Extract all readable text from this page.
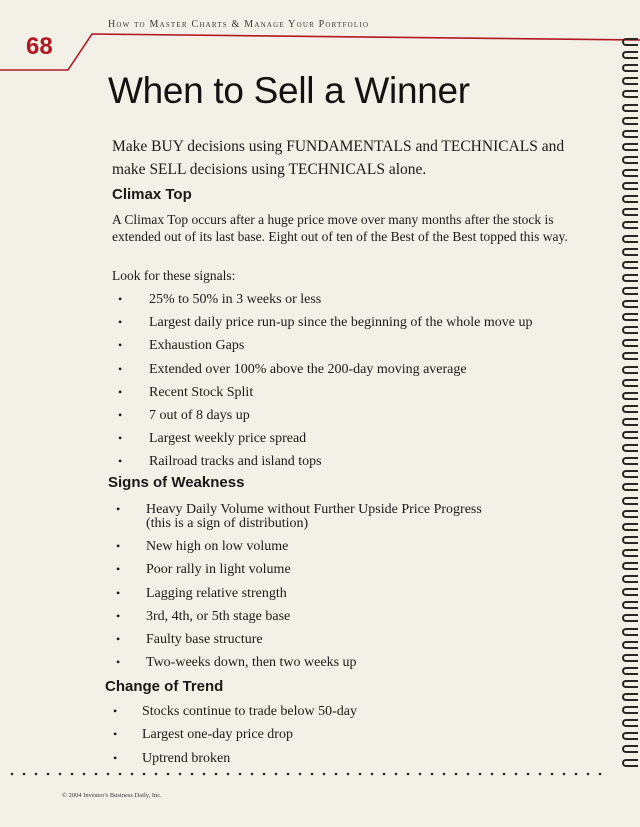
How to Master Charts & Manage Your Portfolio
68
When to Sell a Winner
Make BUY decisions using FUNDAMENTALS and TECHNICALS and make SELL decisions using TECHNICALS alone.
Climax Top
A Climax Top occurs after a huge price move over many months after the stock is extended out of its last base. Eight out of ten of the Best of the Best topped this way.
Look for these signals:
• 25% to 50% in 3 weeks or less
• Largest daily price run-up since the beginning of the whole move up
• Exhaustion Gaps
• Extended over 100% above the 200-day moving average
• Recent Stock Split
• 7 out of 8 days up
• Largest weekly price spread
• Railroad tracks and island tops
Signs of Weakness
• Heavy Daily Volume without Further Upside Price Progress
(this is a sign of distribution)
• New high on low volume
• Poor rally in light volume
• Lagging relative strength
• 3rd, 4th, or 5th stage base
• Faulty base structure
• Two-weeks down, then two weeks up
Change of Trend
• Stocks continue to trade below 50-day
• Largest one-day price drop
• Uptrend broken
© 2004 Investor's Business Daily, Inc.
